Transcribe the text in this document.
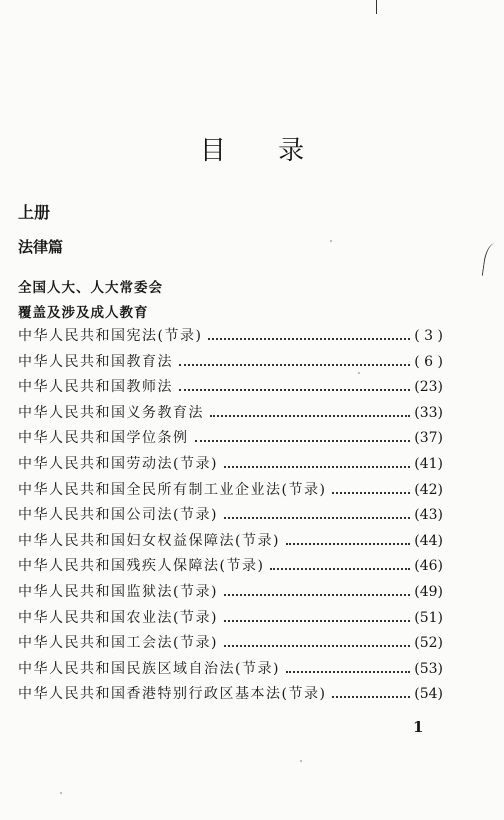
目 录
上册
法律篇
全国人大、人大常委会
覆盖及涉及成人教育
中华人民共和国宪法(节录)	( 3 )
中华人民共和国教育法	( 6 )
中华人民共和国教师法	(23)
中华人民共和国义务教育法	(33)
中华人民共和国学位条例	(37)
中华人民共和国劳动法(节录)	(41)
中华人民共和国全民所有制工业企业法(节录)	(42)
中华人民共和国公司法(节录)	(43)
中华人民共和国妇女权益保障法(节录)	(44)
中华人民共和国残疾人保障法(节录)	(46)
中华人民共和国监狱法(节录)	(49)
中华人民共和国农业法(节录)	(51)
中华人民共和国工会法(节录)	(52)
中华人民共和国民族区域自治法(节录)	(53)
中华人民共和国香港特别行政区基本法(节录)	(54)
1
